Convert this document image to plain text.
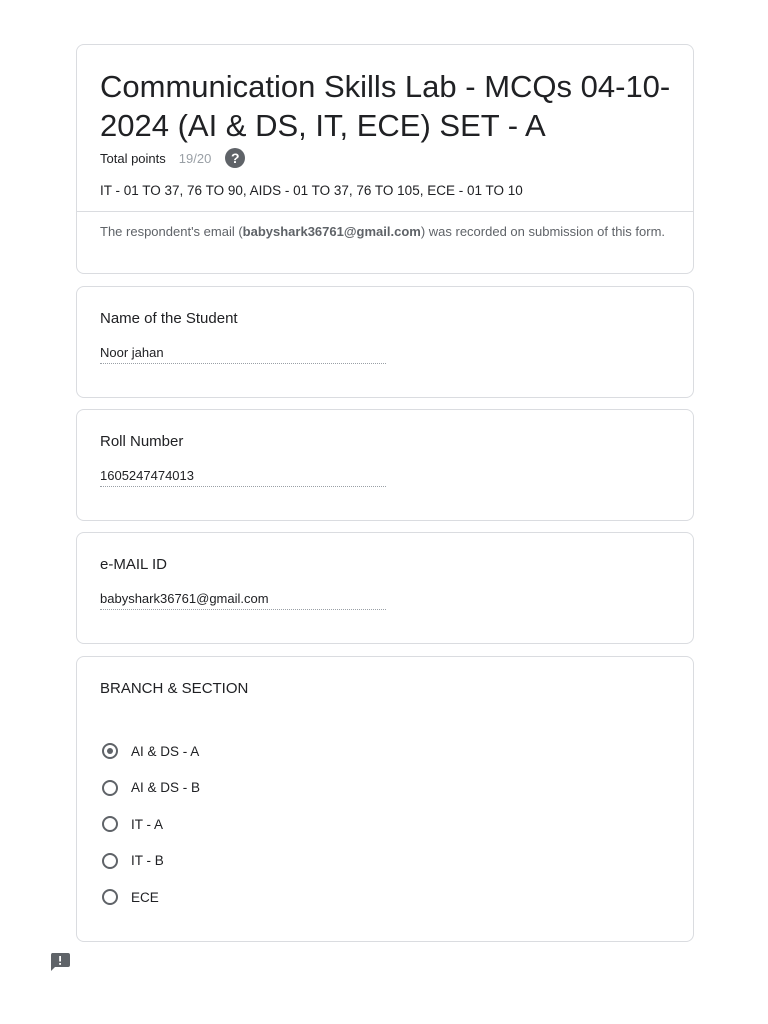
Communication Skills Lab - MCQs 04-10-2024 (AI & DS, IT, ECE) SET - A
Total points 19/20	?
IT - 01 TO 37, 76 TO 90, AIDS - 01 TO 37, 76 TO 105, ECE - 01 TO 10
The respondent's email (babyshark36761@gmail.com) was recorded on submission of this form.
Name of the Student
Noor jahan
Roll Number
1605247474013
e-MAIL ID
babyshark36761@gmail.com
BRANCH & SECTION
AI & DS - A
AI & DS - B
IT - A
IT - B
ECE
